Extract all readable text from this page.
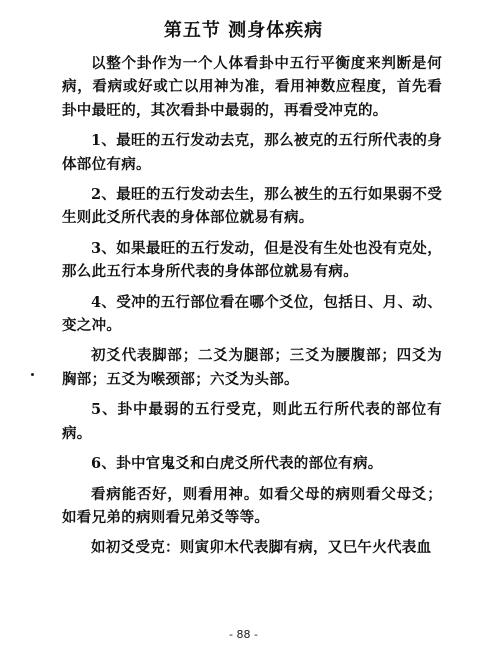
第五节 测身体疾病

以整个卦作为一个人体看卦中五行平衡度来判断是何病，看病或好或亡以用神为准，看用神数应程度，首先看卦中最旺的，其次看卦中最弱的，再看受冲克的。

1、最旺的五行发动去克，那么被克的五行所代表的身体部位有病。

2、最旺的五行发动去生，那么被生的五行如果弱不受生则此爻所代表的身体部位就易有病。

3、如果最旺的五行发动，但是没有生处也没有克处，那么此五行本身所代表的身体部位就易有病。

4、受冲的五行部位看在哪个爻位，包括日、月、动、变之冲。

初爻代表脚部；二爻为腿部；三爻为腰腹部；四爻为胸部；五爻为喉颈部；六爻为头部。

5、卦中最弱的五行受克，则此五行所代表的部位有病。

6、卦中官鬼爻和白虎爻所代表的部位有病。

看病能否好，则看用神。如看父母的病则看父母爻；如看兄弟的病则看兄弟爻等等。

如初爻受克：则寅卯木代表脚有病，又巳午火代表血

- 88 -
